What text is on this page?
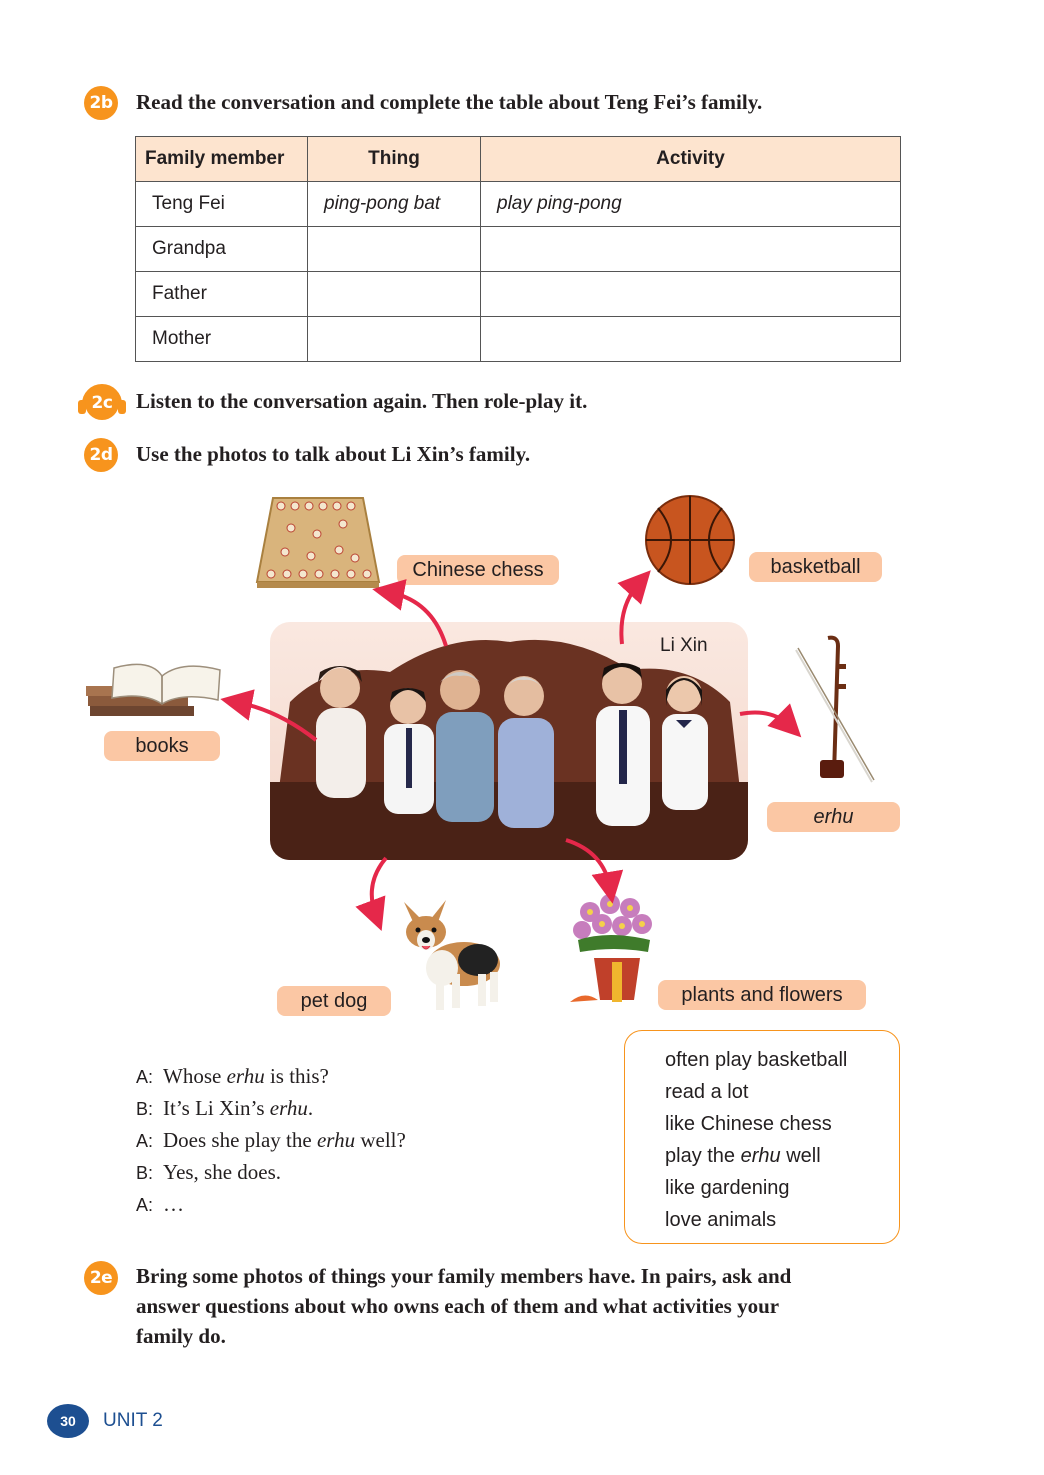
2b Read the conversation and complete the table about Teng Fei’s family.
Family member	Thing	Activity
Teng Fei	ping-pong bat	play ping-pong
Grandpa		
Father		
Mother		
2c	Listen to the conversation again. Then role-play it.
2d Use the photos to talk about Li Xin’s family.
Chinese chess	basketball
books
erhu
Li Xin
pet dog	plants and flowers
A: Whose erhu is this?
B: It’s Li Xin’s erhu.
A: Does she play the erhu well?
B: Yes, she does.
A: …
often play basketball
read a lot
like Chinese chess
play the erhu well
like gardening
love animals
2e Bring some photos of things your family members have. In pairs, ask and
answer questions about who owns each of them and what activities your
family do.
30	UNIT 2
